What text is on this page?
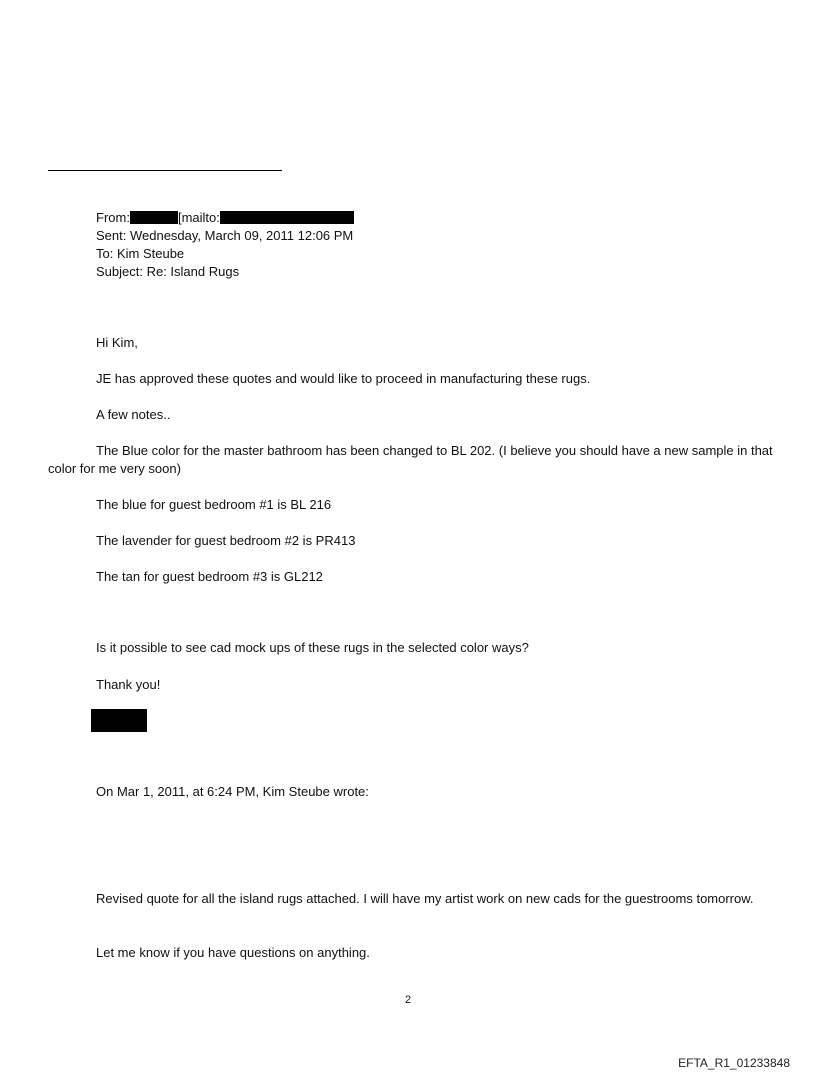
From:	[mailto:
Sent: Wednesday, March 09, 2011 12:06 PM
To: Kim Steube
Subject: Re: Island Rugs
Hi Kim,
JE has approved these quotes and would like to proceed in manufacturing these rugs.
A few notes..
The Blue color for the master bathroom has been changed to BL 202. (I believe you should have a new sample in that color for me very soon)
The blue for guest bedroom #1 is BL 216
The lavender for guest bedroom #2 is PR413
The tan for guest bedroom #3 is GL212
Is it possible to see cad mock ups of these rugs in the selected color ways?
Thank you!
On Mar 1, 2011, at 6:24 PM, Kim Steube wrote:
Revised quote for all the island rugs attached. I will have my artist work on new cads for the guestrooms tomorrow.
Let me know if you have questions on anything.
2
EFTA_R1_01233848
